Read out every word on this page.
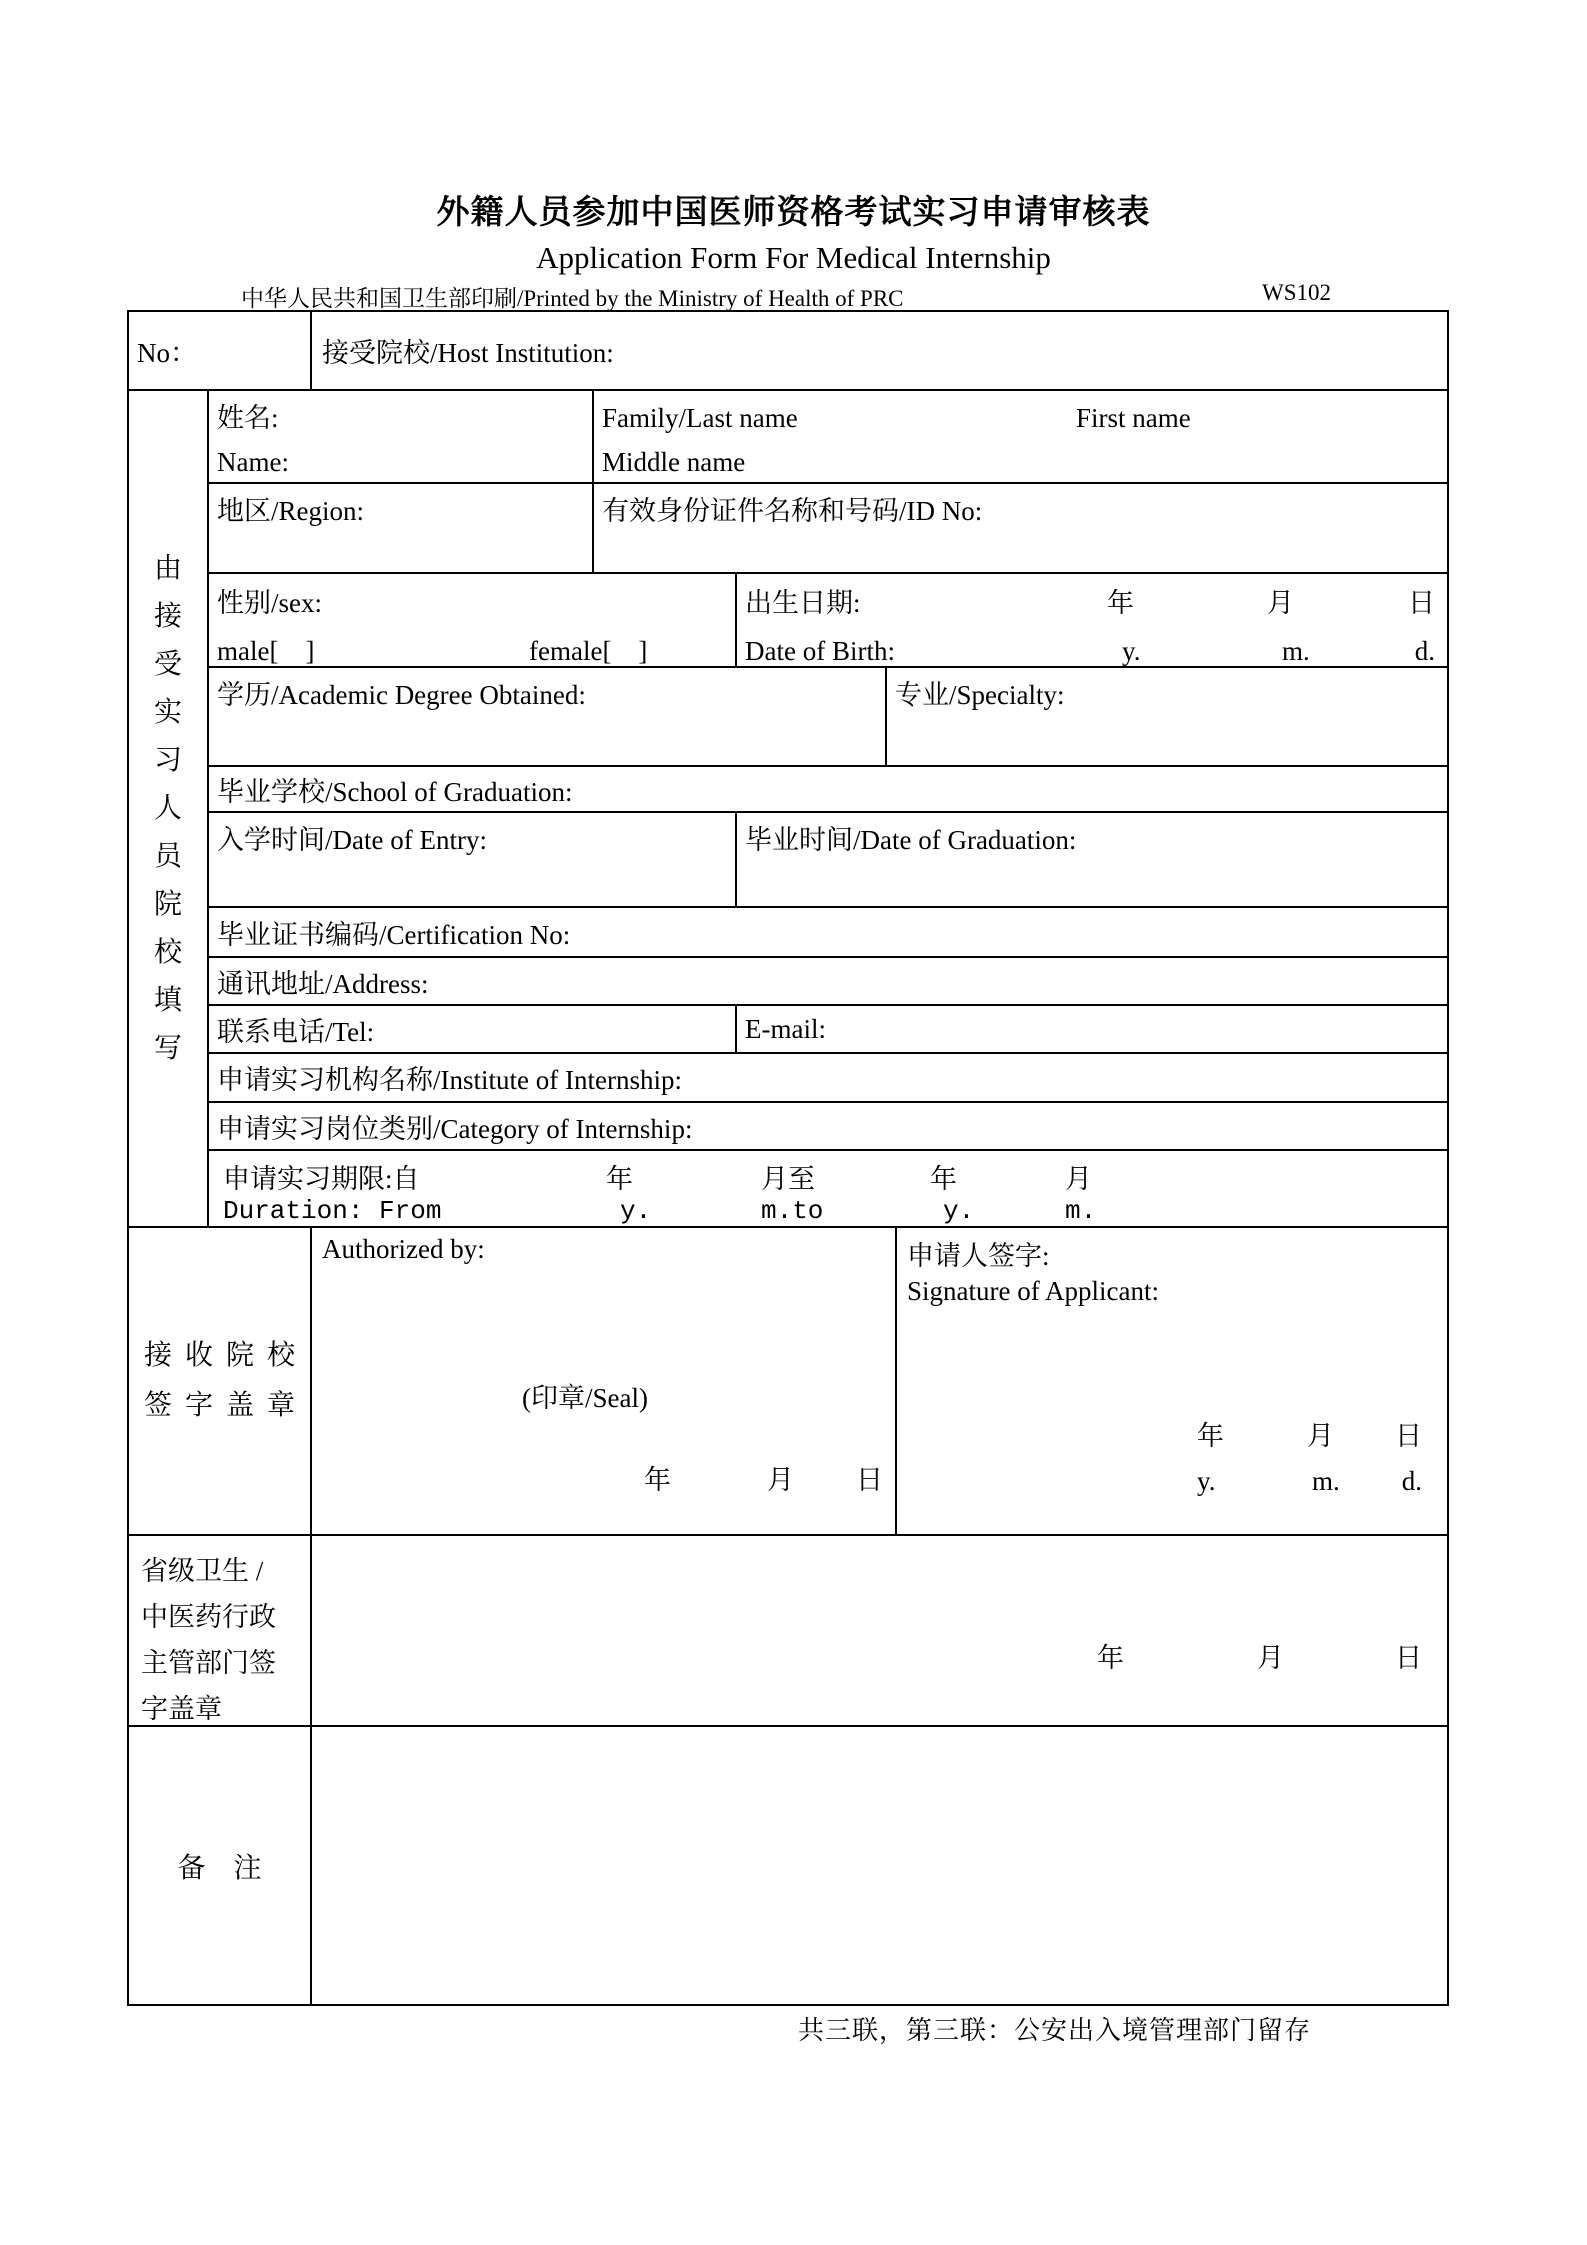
外籍人员参加中国医师资格考试实习申请审核表
Application Form For Medical Internship
中华人民共和国卫生部印刷/Printed by the Ministry of Health of PRC	WS102
No：	接受院校/Host Institution:
由接受实习人员院校填写
姓名:
Name:
Family/Last name	First name
Middle name
地区/Region:	有效身份证件名称和号码/ID No:
性别/sex:
male[　]	female[　]
出生日期:
Date of Birth:
年	月	日
y.	m.	d.
学历/Academic Degree Obtained:	专业/Specialty:
毕业学校/School of Graduation:
入学时间/Date of Entry:	毕业时间/Date of Graduation:
毕业证书编码/Certification No:
通讯地址/Address:
联系电话/Tel:	E-mail:
申请实习机构名称/Institute of Internship:
申请实习岗位类别/Category of Internship:
申请实习期限:自	年	月至	年	月
Duration: From	y.	m.to	y.	m.
接收院校
签字盖章
Authorized by:
(印章/Seal)
年	月 日
申请人签字:
Signature of Applicant:
年	月 日
y.	m. d.
省级卫生 /
中医药行政
主管部门签
字盖章
年	月	日
备　注
共三联，第三联：公安出入境管理部门留存
